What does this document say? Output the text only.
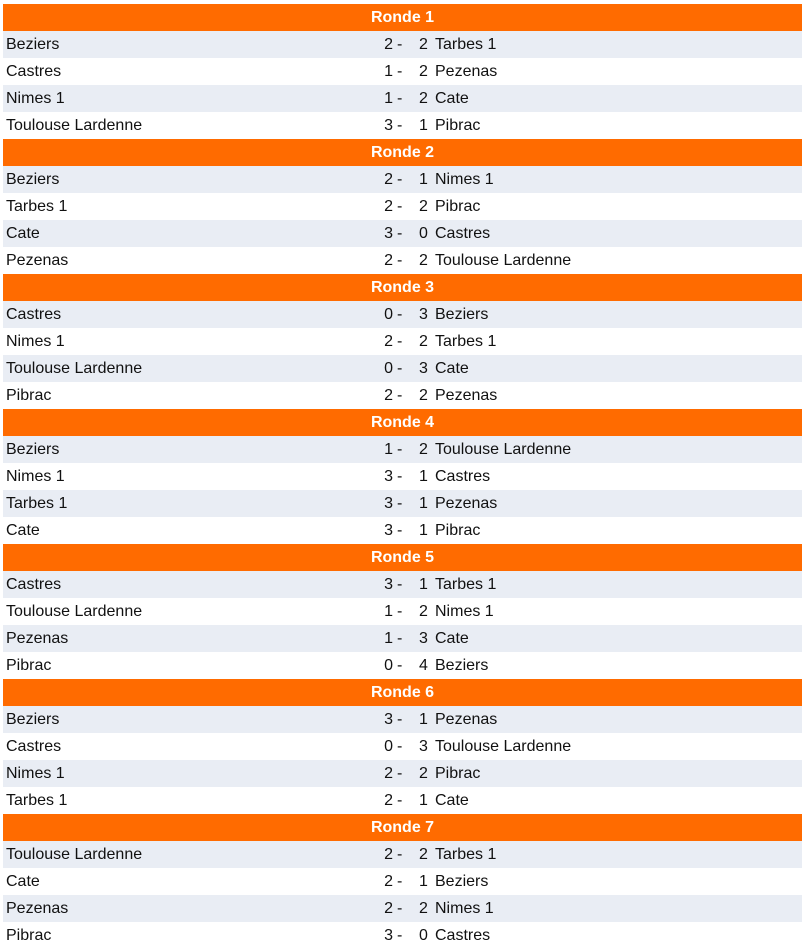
Ronde 1
Beziers	2 - 2 Tarbes 1
Castres	1 - 2 Pezenas
Nimes 1	1 - 2 Cate
Toulouse Lardenne	3 - 1 Pibrac
Ronde 2
Beziers	2 - 1 Nimes 1
Tarbes 1	2 - 2 Pibrac
Cate	3 - 0 Castres
Pezenas	2 - 2 Toulouse Lardenne
Ronde 3
Castres	0 - 3 Beziers
Nimes 1	2 - 2 Tarbes 1
Toulouse Lardenne	0 - 3 Cate
Pibrac	2 - 2 Pezenas
Ronde 4
Beziers	1 - 2 Toulouse Lardenne
Nimes 1	3 - 1 Castres
Tarbes 1	3 - 1 Pezenas
Cate	3 - 1 Pibrac
Ronde 5
Castres	3 - 1 Tarbes 1
Toulouse Lardenne	1 - 2 Nimes 1
Pezenas	1 - 3 Cate
Pibrac	0 - 4 Beziers
Ronde 6
Beziers	3 - 1 Pezenas
Castres	0 - 3 Toulouse Lardenne
Nimes 1	2 - 2 Pibrac
Tarbes 1	2 - 1 Cate
Ronde 7
Toulouse Lardenne	2 - 2 Tarbes 1
Cate	2 - 1 Beziers
Pezenas	2 - 2 Nimes 1
Pibrac	3 - 0 Castres
